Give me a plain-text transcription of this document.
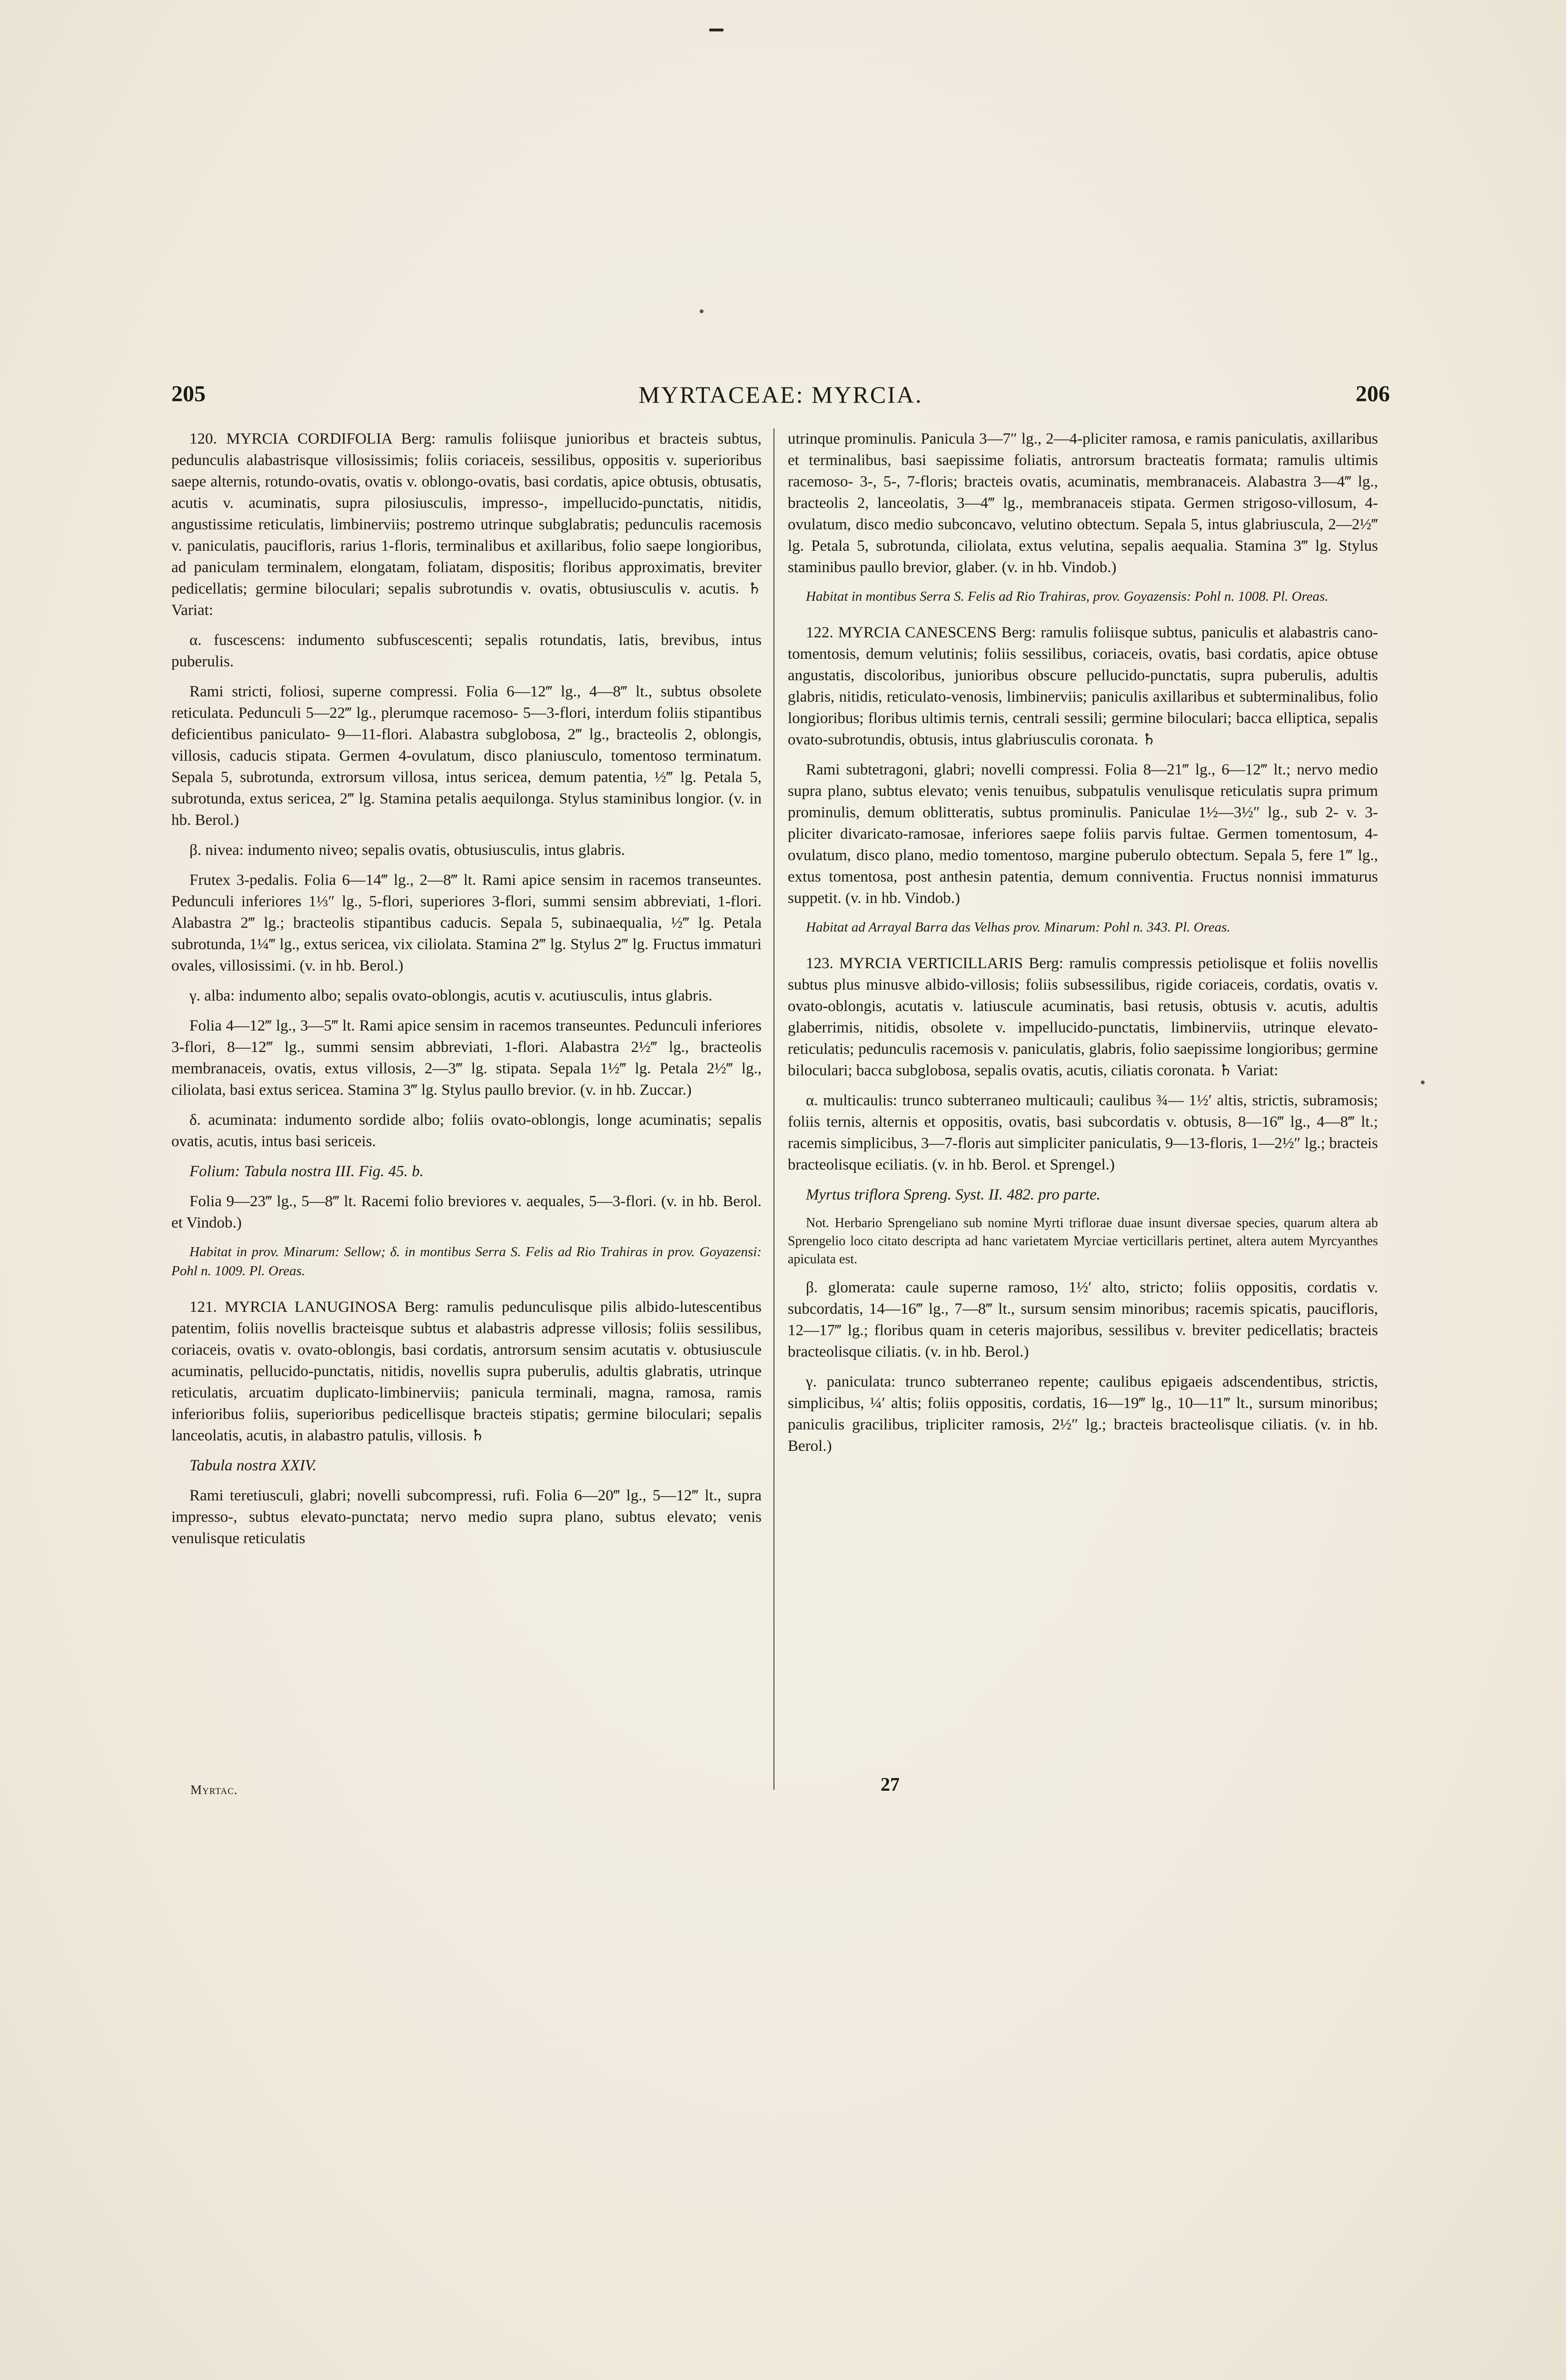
205	MYRTACEAE: MYRCIA.	206

120. MYRCIA CORDIFOLIA Berg: ramulis foliisque junioribus et bracteis subtus, pedunculis alabastrisque villosissimis; foliis coriaceis, sessilibus, oppositis v. superioribus saepe alternis, rotundo-ovatis, ovatis v. oblongo-ovatis, basi cordatis, apice obtusis, obtusatis, acutis v. acuminatis, supra pilosiusculis, impresso-, impellucido-punctatis, nitidis, angustissime reticulatis, limbinerviis; postremo utrinque subglabratis; pedunculis racemosis v. paniculatis, paucifloris, rarius 1-floris, terminalibus et axillaribus, folio saepe longioribus, ad paniculam terminalem, elongatam, foliatam, dispositis; floribus approximatis, breviter pedicellatis; germine biloculari; sepalis subrotundis v. ovatis, obtusiusculis v. acutis. ♄ Variat:

α. fuscescens: indumento subfuscescenti; sepalis rotundatis, latis, brevibus, intus puberulis.

Rami stricti, foliosi, superne compressi. Folia 6—12‴ lg., 4—8‴ lt., subtus obsolete reticulata. Pedunculi 5—22‴ lg., plerumque racemoso- 5—3-flori, interdum foliis stipantibus deficientibus paniculato- 9—11-flori. Alabastra subglobosa, 2‴ lg., bracteolis 2, oblongis, villosis, caducis stipata. Germen 4-ovulatum, disco planiusculo, tomentoso terminatum. Sepala 5, subrotunda, extrorsum villosa, intus sericea, demum patentia, ½‴ lg. Petala 5, subrotunda, extus sericea, 2‴ lg. Stamina petalis aequilonga. Stylus staminibus longior. (v. in hb. Berol.)

β. nivea: indumento niveo; sepalis ovatis, obtusiusculis, intus glabris.

Frutex 3-pedalis. Folia 6—14‴ lg., 2—8‴ lt. Rami apice sensim in racemos transeuntes. Pedunculi inferiores 1⅓″ lg., 5-flori, superiores 3-flori, summi sensim abbreviati, 1-flori. Alabastra 2‴ lg.; bracteolis stipantibus caducis. Sepala 5, subinaequalia, ½‴ lg. Petala subrotunda, 1¼‴ lg., extus sericea, vix ciliolata. Stamina 2‴ lg. Stylus 2‴ lg. Fructus immaturi ovales, villosissimi. (v. in hb. Berol.)

γ. alba: indumento albo; sepalis ovato-oblongis, acutis v. acutiusculis, intus glabris.

Folia 4—12‴ lg., 3—5‴ lt. Rami apice sensim in racemos transeuntes. Pedunculi inferiores 3-flori, 8—12‴ lg., summi sensim abbreviati, 1-flori. Alabastra 2½‴ lg., bracteolis membranaceis, ovatis, extus villosis, 2—3‴ lg. stipata. Sepala 1½‴ lg. Petala 2½‴ lg., ciliolata, basi extus sericea. Stamina 3‴ lg. Stylus paullo brevior. (v. in hb. Zuccar.)

δ. acuminata: indumento sordide albo; foliis ovato-oblongis, longe acuminatis; sepalis ovatis, acutis, intus basi sericeis.

Folium: Tabula nostra III. Fig. 45. b.

Folia 9—23‴ lg., 5—8‴ lt. Racemi folio breviores v. aequales, 5—3-flori. (v. in hb. Berol. et Vindob.)

Habitat in prov. Minarum: Sellow; δ. in montibus Serra S. Felis ad Rio Trahiras in prov. Goyazensi: Pohl n. 1009. Pl. Oreas.

121. MYRCIA LANUGINOSA Berg: ramulis pedunculisque pilis albido-lutescentibus patentim, foliis novellis bracteisque subtus et alabastris adpresse villosis; foliis sessilibus, coriaceis, ovatis v. ovato-oblongis, basi cordatis, antrorsum sensim acutatis v. obtusiuscule acuminatis, pellucido-punctatis, nitidis, novellis supra puberulis, adultis glabratis, utrinque reticulatis, arcuatim duplicato-limbinerviis; panicula terminali, magna, ramosa, ramis inferioribus foliis, superioribus pedicellisque bracteis stipatis; germine biloculari; sepalis lanceolatis, acutis, in alabastro patulis, villosis. ♄

Tabula nostra XXIV.

Rami teretiusculi, glabri; novelli subcompressi, rufi. Folia 6—20‴ lg., 5—12‴ lt., supra impresso-, subtus elevato-punctata; nervo medio supra plano, subtus elevato; venis venulisque reticulatis

utrinque prominulis. Panicula 3—7″ lg., 2—4-pliciter ramosa, e ramis paniculatis, axillaribus et terminalibus, basi saepissime foliatis, antrorsum bracteatis formata; ramulis ultimis racemoso- 3-, 5-, 7-floris; bracteis ovatis, acuminatis, membranaceis. Alabastra 3—4‴ lg., bracteolis 2, lanceolatis, 3—4‴ lg., membranaceis stipata. Germen strigoso-villosum, 4-ovulatum, disco medio subconcavo, velutino obtectum. Sepala 5, intus glabriuscula, 2—2½‴ lg. Petala 5, subrotunda, ciliolata, extus velutina, sepalis aequalia. Stamina 3‴ lg. Stylus staminibus paullo brevior, glaber. (v. in hb. Vindob.)

Habitat in montibus Serra S. Felis ad Rio Trahiras, prov. Goyazensis: Pohl n. 1008. Pl. Oreas.

122. MYRCIA CANESCENS Berg: ramulis foliisque subtus, paniculis et alabastris cano-tomentosis, demum velutinis; foliis sessilibus, coriaceis, ovatis, basi cordatis, apice obtuse angustatis, discoloribus, junioribus obscure pellucido-punctatis, supra puberulis, adultis glabris, nitidis, reticulato-venosis, limbinerviis; paniculis axillaribus et subterminalibus, folio longioribus; floribus ultimis ternis, centrali sessili; germine biloculari; bacca elliptica, sepalis ovato-subrotundis, obtusis, intus glabriusculis coronata. ♄

Rami subtetragoni, glabri; novelli compressi. Folia 8—21‴ lg., 6—12‴ lt.; nervo medio supra plano, subtus elevato; venis tenuibus, subpatulis venulisque reticulatis supra primum prominulis, demum oblitteratis, subtus prominulis. Paniculae 1½—3½″ lg., sub 2- v. 3-pliciter divaricato-ramosae, inferiores saepe foliis parvis fultae. Germen tomentosum, 4-ovulatum, disco plano, medio tomentoso, margine puberulo obtectum. Sepala 5, fere 1‴ lg., extus tomentosa, post anthesin patentia, demum conniventia. Fructus nonnisi immaturus suppetit. (v. in hb. Vindob.)

Habitat ad Arrayal Barra das Velhas prov. Minarum: Pohl n. 343. Pl. Oreas.

123. MYRCIA VERTICILLARIS Berg: ramulis compressis petiolisque et foliis novellis subtus plus minusve albido-villosis; foliis subsessilibus, rigide coriaceis, cordatis, ovatis v. ovato-oblongis, acutatis v. latiuscule acuminatis, basi retusis, obtusis v. acutis, adultis glaberrimis, nitidis, obsolete v. impellucido-punctatis, limbinerviis, utrinque elevato-reticulatis; pedunculis racemosis v. paniculatis, glabris, folio saepissime longioribus; germine biloculari; bacca subglobosa, sepalis ovatis, acutis, ciliatis coronata. ♄ Variat:

α. multicaulis: trunco subterraneo multicauli; caulibus ¾— 1½′ altis, strictis, subramosis; foliis ternis, alternis et oppositis, ovatis, basi subcordatis v. obtusis, 8—16‴ lg., 4—8‴ lt.; racemis simplicibus, 3—7-floris aut simpliciter paniculatis, 9—13-floris, 1—2½″ lg.; bracteis bracteolisque eciliatis. (v. in hb. Berol. et Sprengel.)

Myrtus triflora Spreng. Syst. II. 482. pro parte.

Not. Herbario Sprengeliano sub nomine Myrti triflorae duae insunt diversae species, quarum altera ab Sprengelio loco citato descripta ad hanc varietatem Myrciae verticillaris pertinet, altera autem Myrcyanthes apiculata est.

β. glomerata: caule superne ramoso, 1½′ alto, stricto; foliis oppositis, cordatis v. subcordatis, 14—16‴ lg., 7—8‴ lt., sursum sensim minoribus; racemis spicatis, paucifloris, 12—17‴ lg.; floribus quam in ceteris majoribus, sessilibus v. breviter pedicellatis; bracteis bracteolisque ciliatis. (v. in hb. Berol.)

γ. paniculata: trunco subterraneo repente; caulibus epigaeis adscendentibus, strictis, simplicibus, ¼′ altis; foliis oppositis, cordatis, 16—19‴ lg., 10—11‴ lt., sursum minoribus; paniculis gracilibus, tripliciter ramosis, 2½″ lg.; bracteis bracteolisque ciliatis. (v. in hb. Berol.)

Myrtac.	27
